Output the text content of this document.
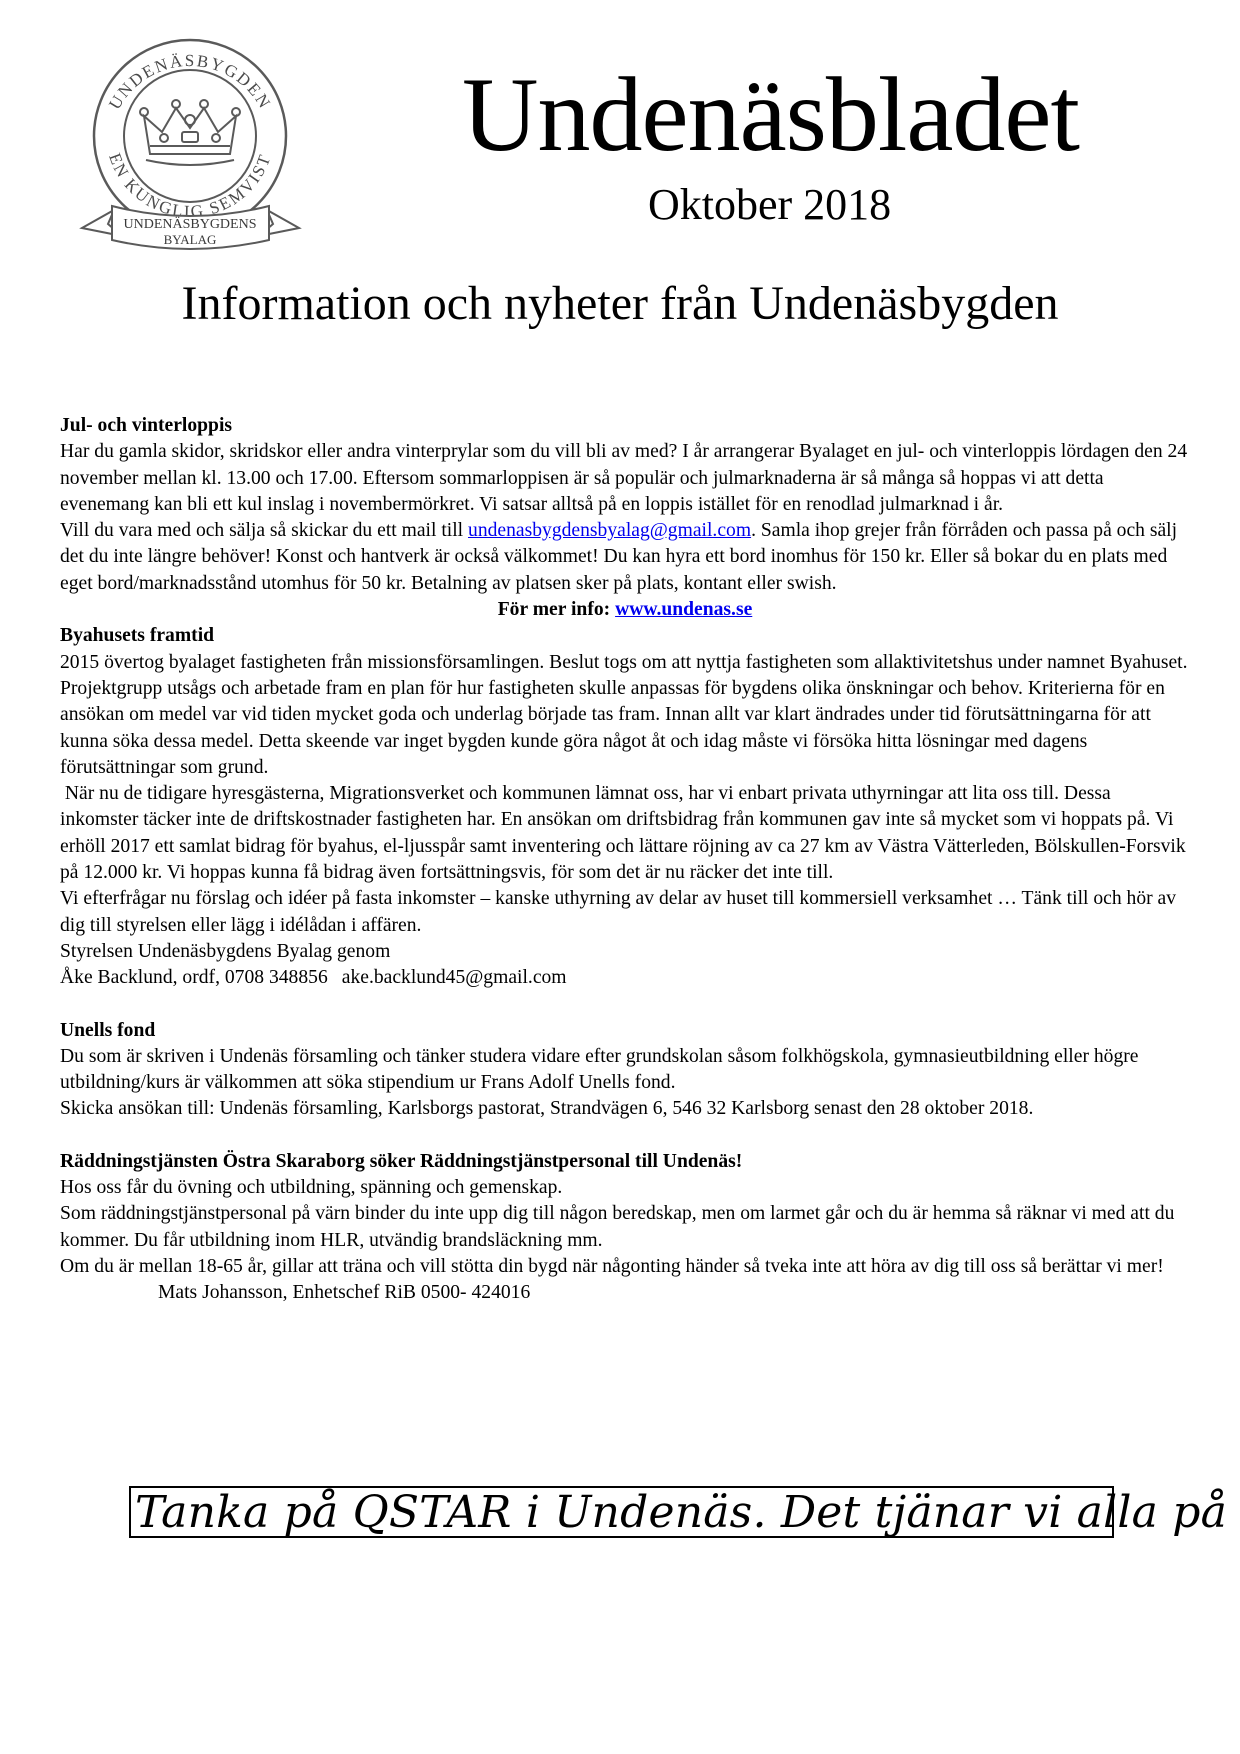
UNDENÄSBYGDEN
EN KUNGLIG SEMVIST
UNDENÄSBYGDENS
BYALAG
Undenäsbladet
Oktober 2018
Information och nyheter från Undenäsbygden

Jul- och vinterloppis

Har du gamla skidor, skridskor eller andra vinterprylar som du vill bli av med? I år arrangerar Byalaget en jul- och vinterloppis lördagen den 24 november mellan kl. 13.00 och 17.00. Eftersom sommarloppisen är så populär och julmarknaderna är så många så hoppas vi att detta evenemang kan bli ett kul inslag i novembermörkret. Vi satsar alltså på en loppis istället för en renodlad julmarknad i år.

Vill du vara med och sälja så skickar du ett mail till undenasbygdensbyalag@gmail.com. Samla ihop grejer från förråden och passa på och sälj det du inte längre behöver! Konst och hantverk är också välkommet! Du kan hyra ett bord inomhus för 150 kr. Eller så bokar du en plats med eget bord/marknadsstånd utomhus för 50 kr. Betalning av platsen sker på plats, kontant eller swish.

För mer info: www.undenas.se

Byahusets framtid

2015 övertog byalaget fastigheten från missionsförsamlingen. Beslut togs om att nyttja fastigheten som allaktivitetshus under namnet Byahuset. Projektgrupp utsågs och arbetade fram en plan för hur fastigheten skulle anpassas för bygdens olika önskningar och behov. Kriterierna för en ansökan om medel var vid tiden mycket goda och underlag började tas fram. Innan allt var klart ändrades under tid förutsättningarna för att kunna söka dessa medel. Detta skeende var inget bygden kunde göra något åt och idag måste vi försöka hitta lösningar med dagens förutsättningar som grund.

När nu de tidigare hyresgästerna, Migrationsverket och kommunen lämnat oss, har vi enbart privata uthyrningar att lita oss till. Dessa inkomster täcker inte de driftskostnader fastigheten har. En ansökan om driftsbidrag från kommunen gav inte så mycket som vi hoppats på. Vi erhöll 2017 ett samlat bidrag för byahus, el-ljusspår samt inventering och lättare röjning av ca 27 km av Västra Vätterleden, Bölskullen-Forsvik på 12.000 kr. Vi hoppas kunna få bidrag även fortsättningsvis, för som det är nu räcker det inte till.

Vi efterfrågar nu förslag och idéer på fasta inkomster – kanske uthyrning av delar av huset till kommersiell verksamhet … Tänk till och hör av dig till styrelsen eller lägg i idélådan i affären.

Styrelsen Undenäsbygdens Byalag genom

Åke Backlund, ordf, 0708 348856 ake.backlund45@gmail.com

Unells fond

Du som är skriven i Undenäs församling och tänker studera vidare efter grundskolan såsom folkhögskola, gymnasieutbildning eller högre utbildning/kurs är välkommen att söka stipendium ur Frans Adolf Unells fond.

Skicka ansökan till: Undenäs församling, Karlsborgs pastorat, Strandvägen 6, 546 32 Karlsborg senast den 28 oktober 2018.

Räddningstjänsten Östra Skaraborg söker Räddningstjänstpersonal till Undenäs!

Hos oss får du övning och utbildning, spänning och gemenskap.

Som räddningstjänstpersonal på värn binder du inte upp dig till någon beredskap, men om larmet går och du är hemma så räknar vi med att du kommer. Du får utbildning inom HLR, utvändig brandsläckning mm.

Om du är mellan 18-65 år, gillar att träna och vill stötta din bygd när någonting händer så tveka inte att höra av dig till oss så berättar vi mer!Mats Johansson, Enhetschef RiB 0500- 424016

Tanka på QSTAR i Undenäs. Det tjänar vi alla på
